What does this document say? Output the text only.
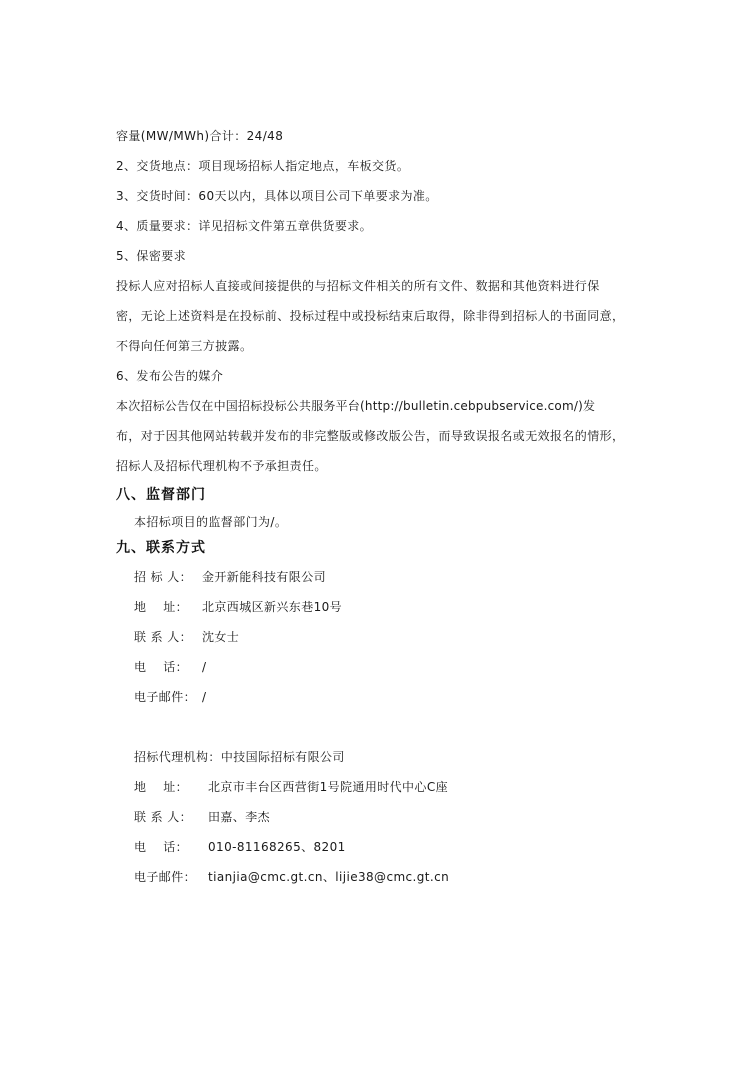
容量(MW/MWh)合计：24/48
2、交货地点：项目现场招标人指定地点，车板交货。
3、交货时间：60天以内，具体以项目公司下单要求为准。
4、质量要求：详见招标文件第五章供货要求。
5、保密要求
投标人应对招标人直接或间接提供的与招标文件相关的所有文件、数据和其他资料进行保
密，无论上述资料是在投标前、投标过程中或投标结束后取得，除非得到招标人的书面同意，
不得向任何第三方披露。
6、发布公告的媒介
本次招标公告仅在中国招标投标公共服务平台(http://bulletin.cebpubservice.com/)发
布，对于因其他网站转载并发布的非完整版或修改版公告，而导致误报名或无效报名的情形，
招标人及招标代理机构不予承担责任。
八、监督部门
本招标项目的监督部门为/。
九、联系方式
招 标 人： 金开新能科技有限公司
地    址： 北京西城区新兴东巷10号
联 系 人： 沈女士
电    话： /
电子邮件： /
招标代理机构：中技国际招标有限公司
地    址： 北京市丰台区西营街1号院通用时代中心C座
联 系 人： 田嘉、李杰
电    话： 010-81168265、8201
电子邮件： tianjia@cmc.gt.cn、lijie38@cmc.gt.cn
